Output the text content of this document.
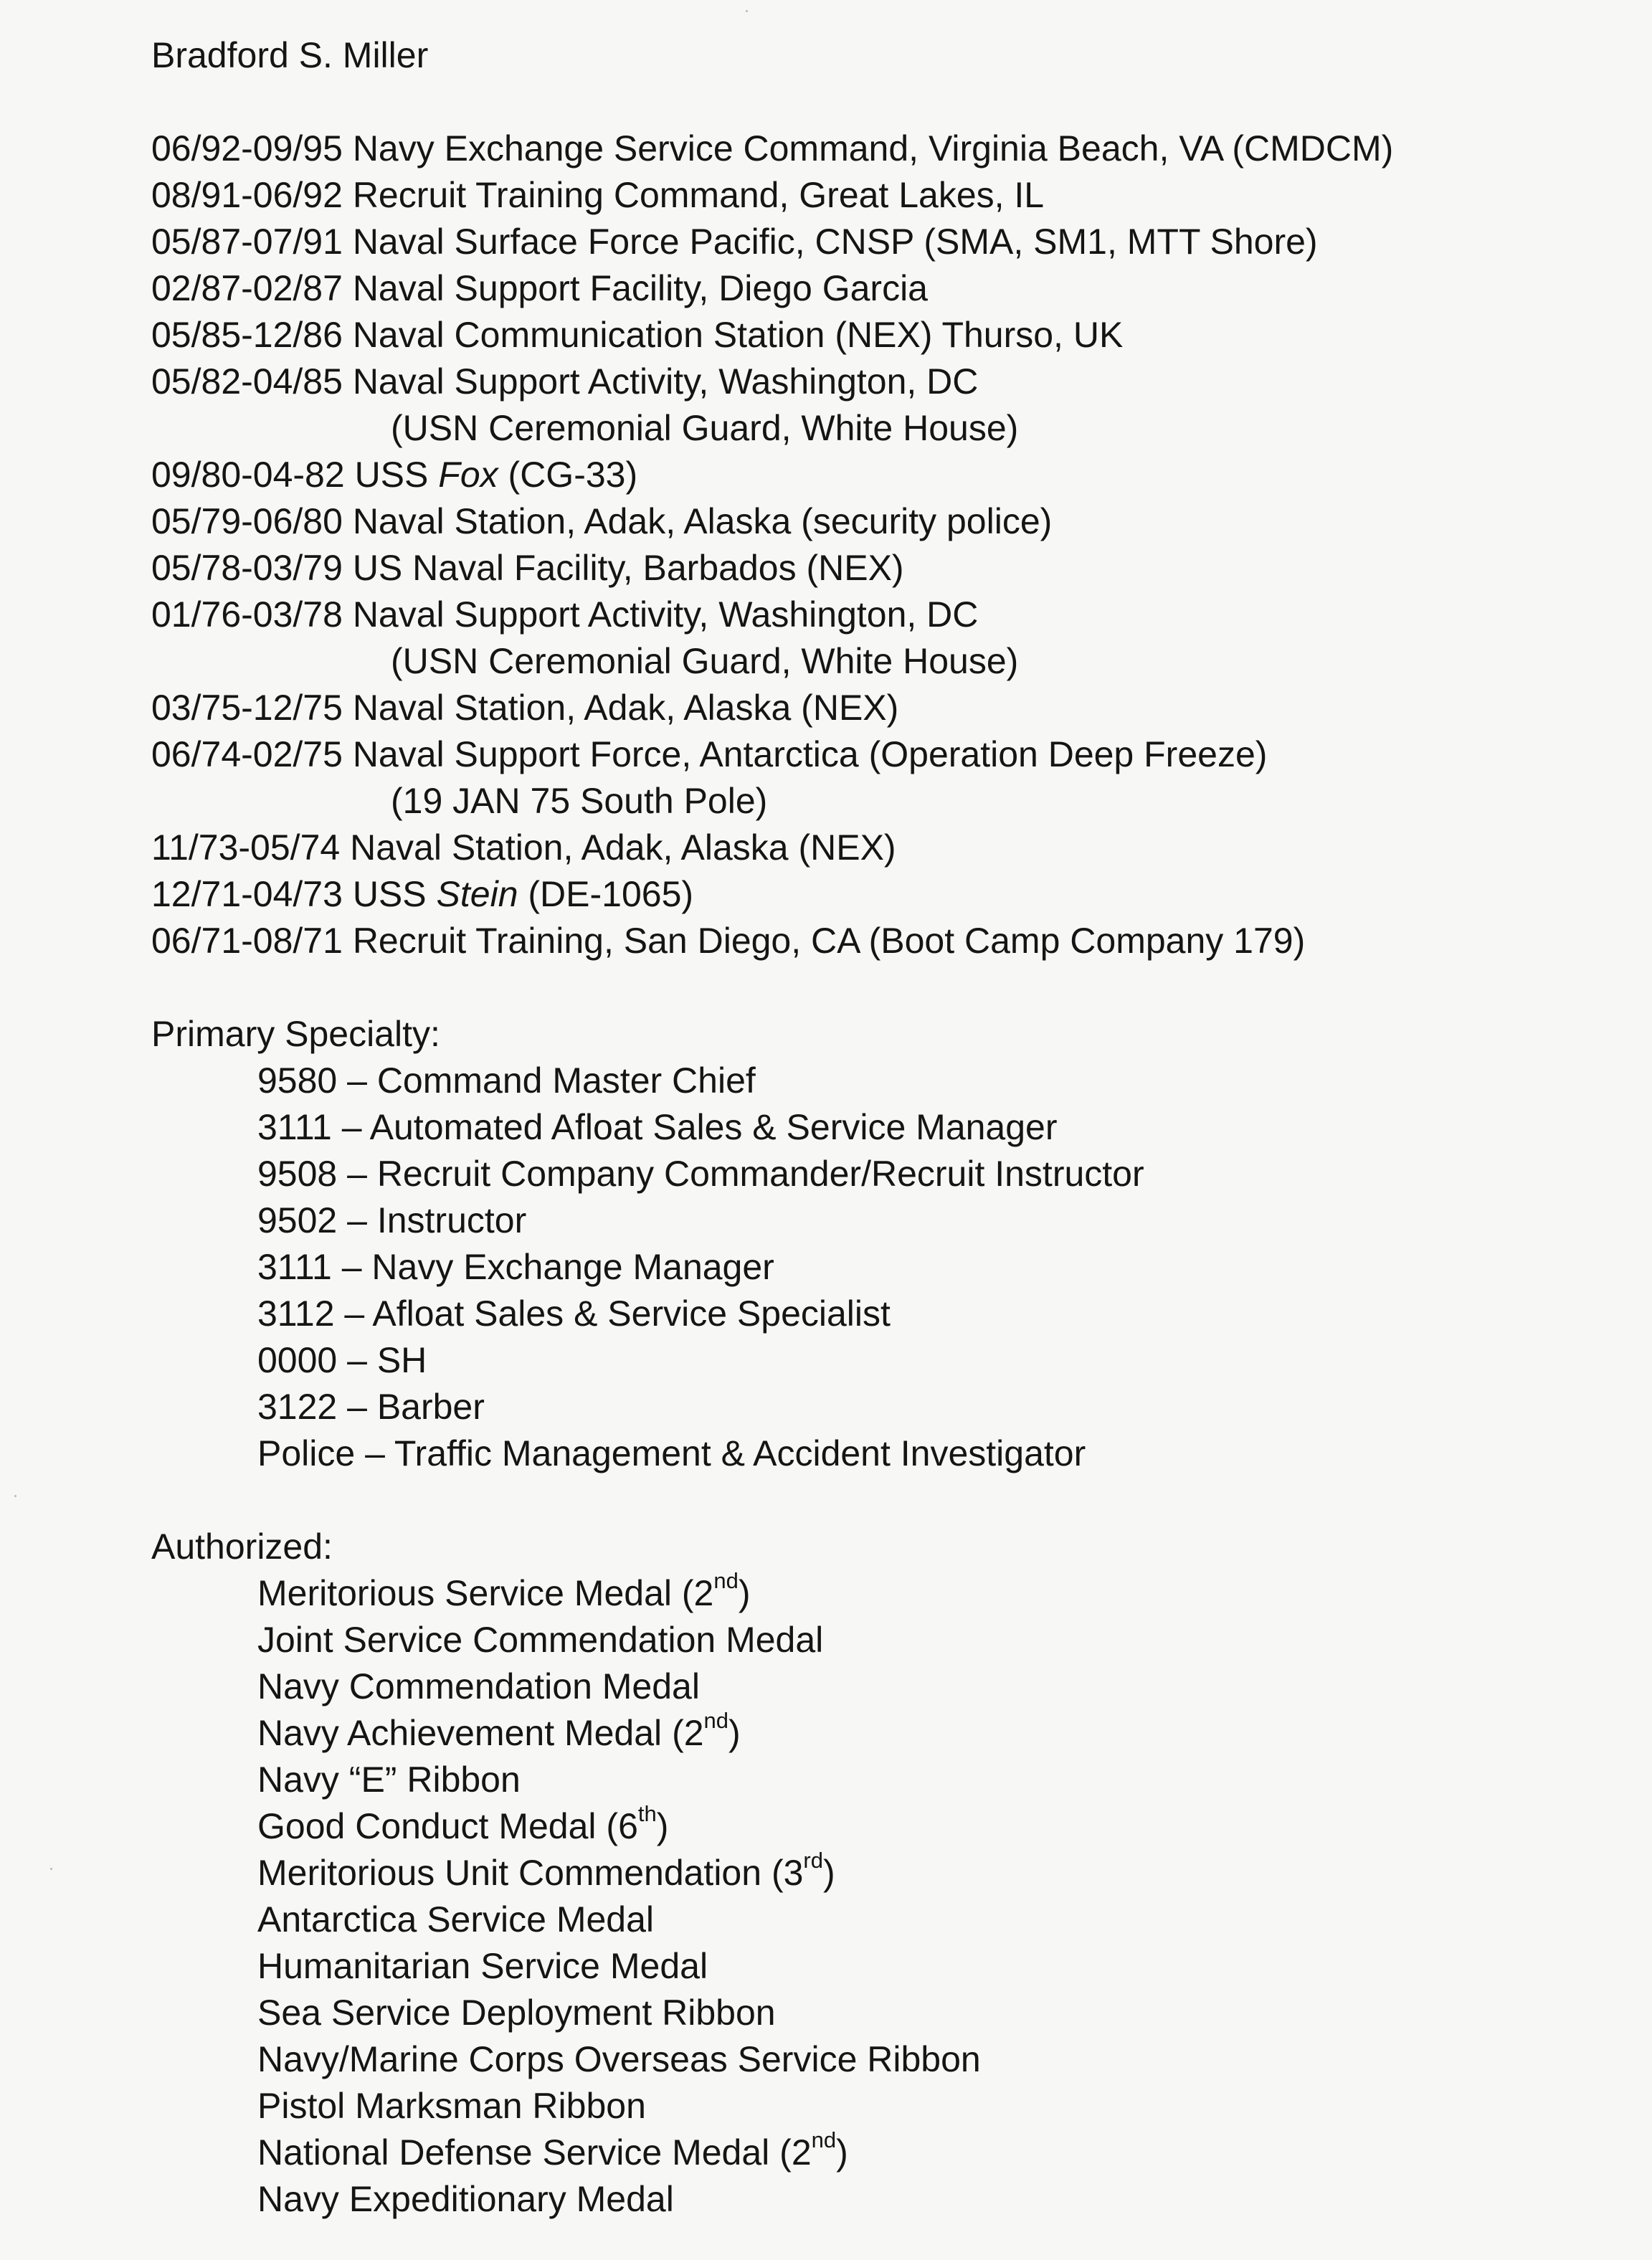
Bradford S. Miller
06/92-09/95 Navy Exchange Service Command, Virginia Beach, VA (CMDCM)
08/91-06/92 Recruit Training Command, Great Lakes, IL
05/87-07/91 Naval Surface Force Pacific, CNSP (SMA, SM1, MTT Shore)
02/87-02/87 Naval Support Facility, Diego Garcia
05/85-12/86 Naval Communication Station (NEX) Thurso, UK
05/82-04/85 Naval Support Activity, Washington, DC
(USN Ceremonial Guard, White House)
09/80-04-82 USS Fox (CG-33)
05/79-06/80 Naval Station, Adak, Alaska (security police)
05/78-03/79 US Naval Facility, Barbados (NEX)
01/76-03/78 Naval Support Activity, Washington, DC
(USN Ceremonial Guard, White House)
03/75-12/75 Naval Station, Adak, Alaska (NEX)
06/74-02/75 Naval Support Force, Antarctica (Operation Deep Freeze)
(19 JAN 75 South Pole)
11/73-05/74 Naval Station, Adak, Alaska (NEX)
12/71-04/73 USS Stein (DE-1065)
06/71-08/71 Recruit Training, San Diego, CA (Boot Camp Company 179)
Primary Specialty:
9580 – Command Master Chief
3111 – Automated Afloat Sales & Service Manager
9508 – Recruit Company Commander/Recruit Instructor
9502 – Instructor
3111 – Navy Exchange Manager
3112 – Afloat Sales & Service Specialist
0000 – SH
3122 – Barber
Police – Traffic Management & Accident Investigator
Authorized:
Meritorious Service Medal (2nd)
Joint Service Commendation Medal
Navy Commendation Medal
Navy Achievement Medal (2nd)
Navy “E” Ribbon
Good Conduct Medal (6th)
Meritorious Unit Commendation (3rd)
Antarctica Service Medal
Humanitarian Service Medal
Sea Service Deployment Ribbon
Navy/Marine Corps Overseas Service Ribbon
Pistol Marksman Ribbon
National Defense Service Medal (2nd)
Navy Expeditionary Medal
